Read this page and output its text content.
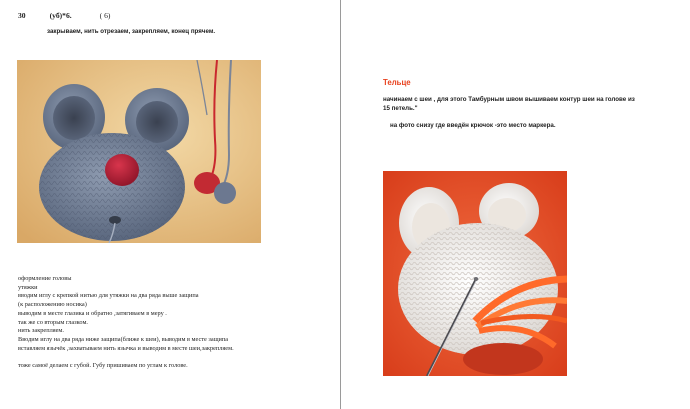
30	(уб)*6.	( 6)
закрываем, нить отрезаем, закрепляем, конец прячем.
оформление головы
утяжки
вводим иглу с крепкой нитью для утяжки на два ряда выше защипа
(к расположению носика)
выводим в месте глазика и обратно ,затягиваем в меру .
так же со вторым глазком.
нить закрепляем.
Вводим иглу на два ряда ниже защипа(ближе к шеи), выводим в месте защипа
вставляем язычёк ,захватываем нить язычка и выводим в месте шеи,закрепляем.
тоже самоё делаем с губой. Губу пришиваем по углам к голове.
Тельце
начинаем с шеи , для этого Тамбурным швом вышиваем контур шеи на голове из 15 петель."
на фото снизу где введён крючок -это место маркера.
